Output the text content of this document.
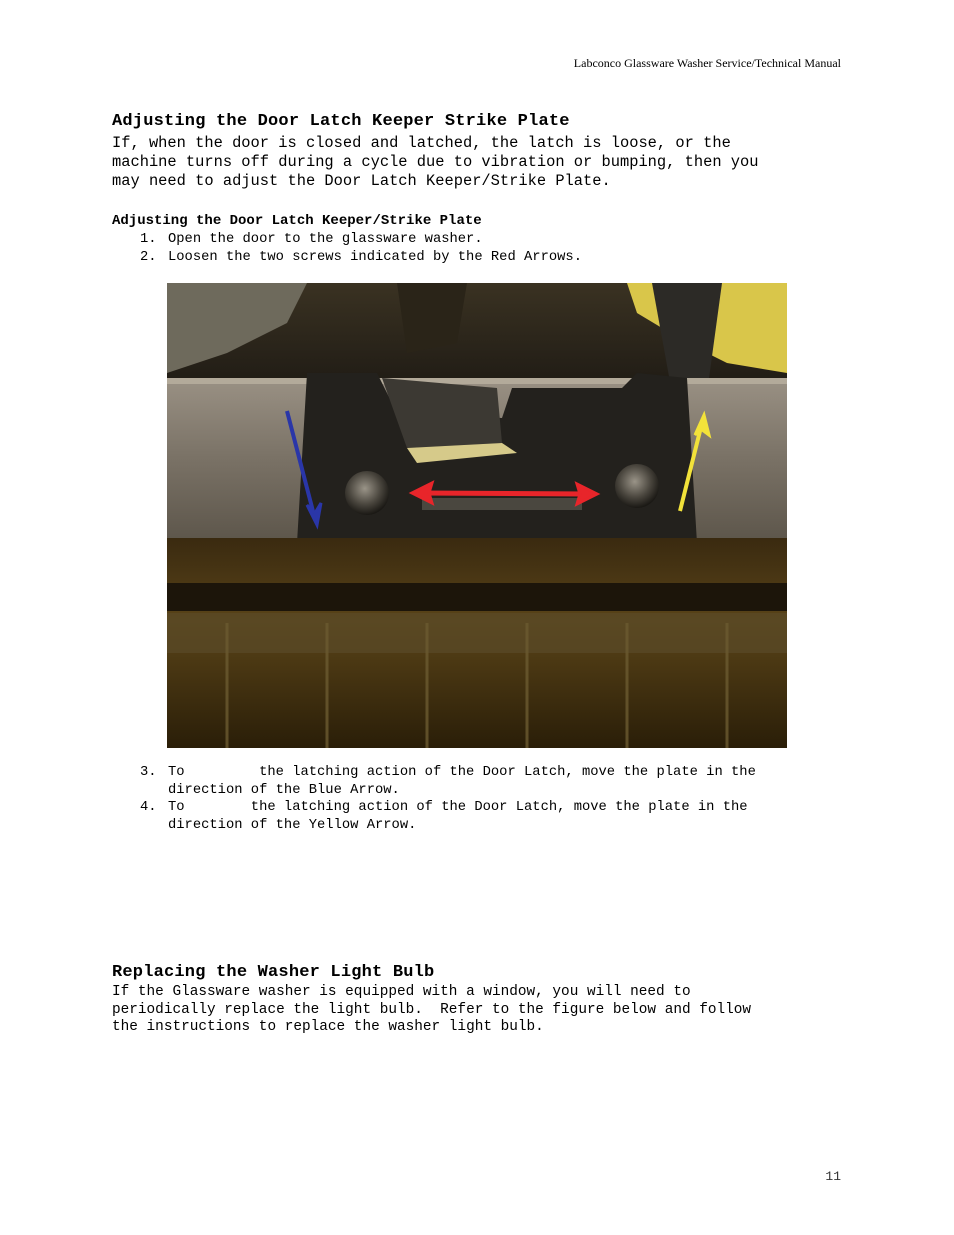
Labconco Glassware Washer Service/Technical Manual
Adjusting the Door Latch Keeper Strike Plate
If, when the door is closed and latched, the latch is loose, or the
machine turns off during a cycle due to vibration or bumping, then you
may need to adjust the Door Latch Keeper/Strike Plate.
Adjusting the Door Latch Keeper/Strike Plate
1. Open the door to the glassware washer.
2. Loosen the two screws indicated by the Red Arrows.
3. To         the latching action of the Door Latch, move the plate in the
direction of the Blue Arrow.
4. To        the latching action of the Door Latch, move the plate in the
direction of the Yellow Arrow.
Replacing the Washer Light Bulb
If the Glassware washer is equipped with a window, you will need to
periodically replace the light bulb.  Refer to the figure below and follow
the instructions to replace the washer light bulb.
11
